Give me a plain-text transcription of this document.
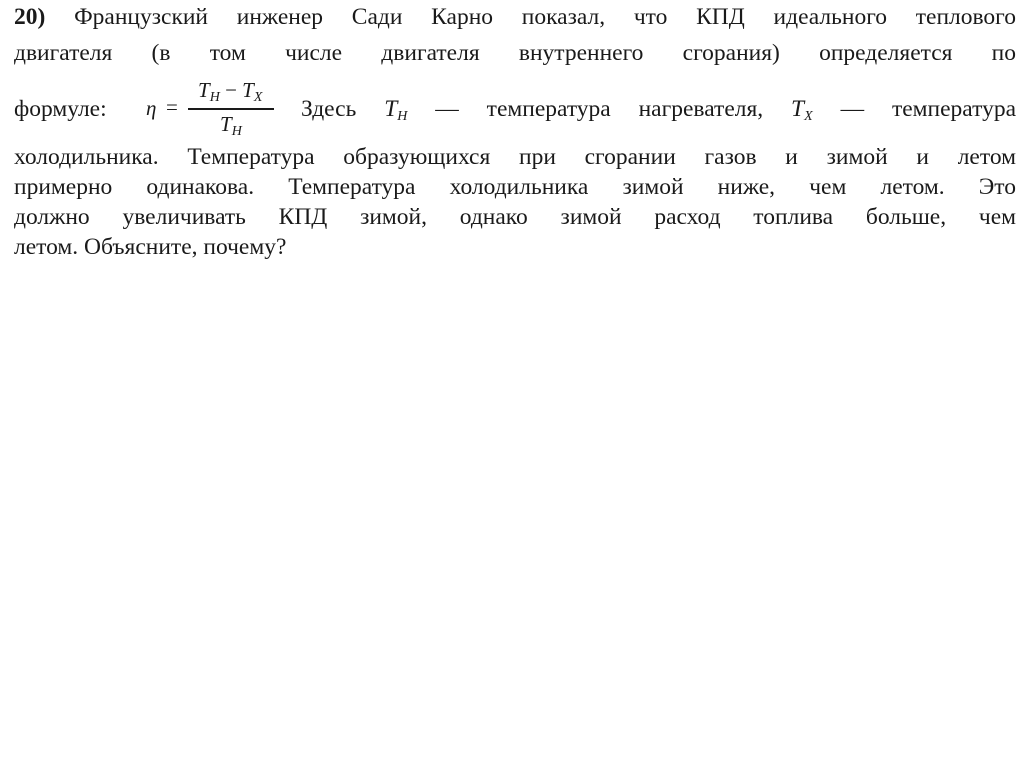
20) Французский инженер Сади Карно показал, что КПД идеального теплового
двигателя (в том числе двигателя внутреннего сгорания) определяется по
формуле: η =
$T_H - T_X$
$T_H$
Здесь $T_H$ — температура нагревателя, $T_X$ — температура
холодильника. Температура образующихся при сгорании газов и зимой и летом
примерно одинакова. Температура холодильника зимой ниже, чем летом. Это
должно увеличивать КПД зимой, однако зимой расход топлива больше, чем
летом. Объясните, почему?
